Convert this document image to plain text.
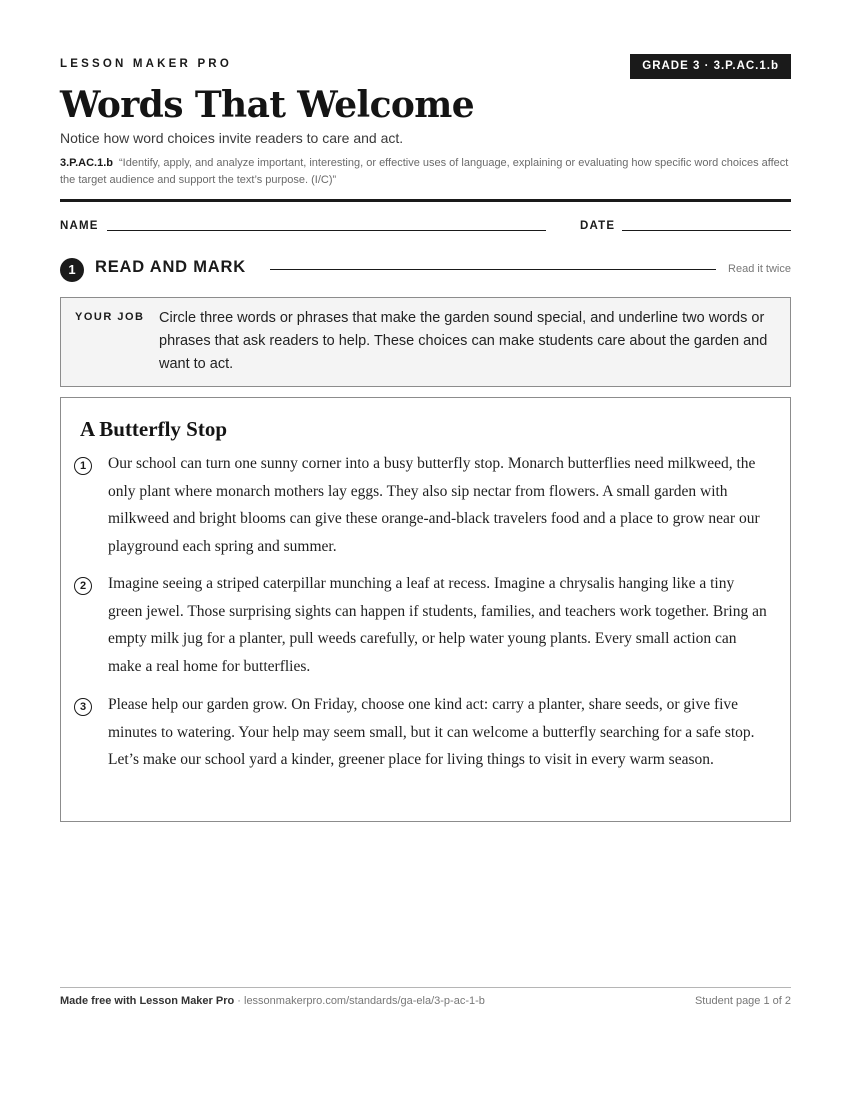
LESSON MAKER PRO	GRADE 3 · 3.P.AC.1.b
Words That Welcome
Notice how word choices invite readers to care and act.
3.P.AC.1.b “Identify, apply, and analyze important, interesting, or effective uses of language, explaining or evaluating how specific word choices affect the target audience and support the text’s purpose. (I/C)”
NAME	DATE
1	READ AND MARK	Read it twice
YOUR JOB Circle three words or phrases that make the garden sound special, and underline two words or phrases that ask readers to help. These choices can make students care about the garden and want to act.
A Butterfly Stop
1	Our school can turn one sunny corner into a busy butterfly stop. Monarch butterflies need milkweed, the only plant where monarch mothers lay eggs. They also sip nectar from flowers. A small garden with milkweed and bright blooms can give these orange-and-black travelers food and a place to grow near our playground each spring and summer.

2	Imagine seeing a striped caterpillar munching a leaf at recess. Imagine a chrysalis hanging like a tiny green jewel. Those surprising sights can happen if students, families, and teachers work together. Bring an empty milk jug for a planter, pull weeds carefully, or help water young plants. Every small action can make a real home for butterflies.

3	Please help our garden grow. On Friday, choose one kind act: carry a planter, share seeds, or give five minutes to watering. Your help may seem small, but it can welcome a butterfly searching for a safe stop. Let’s make our school yard a kinder, greener place for living things to visit in every warm season.

Made free with Lesson Maker Pro · lessonmakerpro.com/standards/ga-ela/3-p-ac-1-b	Student page 1 of 2
